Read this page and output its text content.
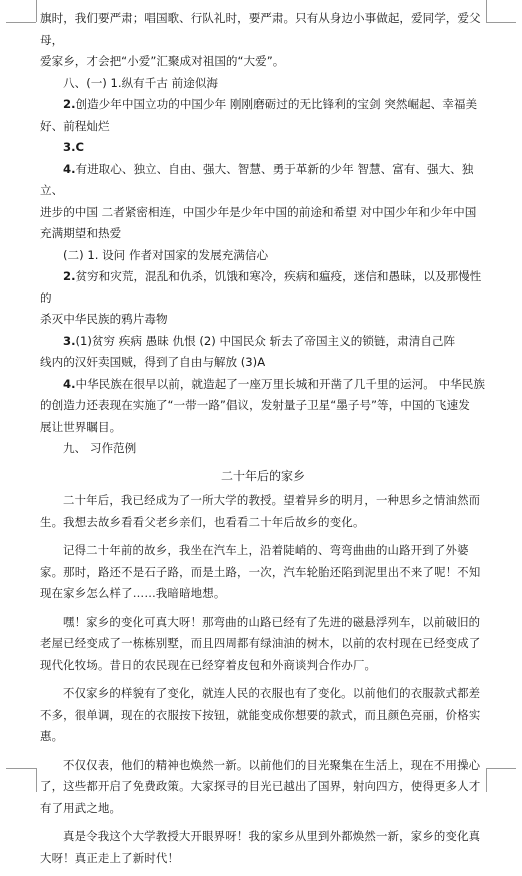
旗时，我们要严肃；唱国歌、行队礼时，要严肃。只有从身边小事做起，爱同学，爱父母，

爱家乡，才会把“小爱”汇聚成对祖国的“大爱”。

八、(一) 1.纵有千古 前途似海

2.创造少年中国立功的中国少年 刚刚磨砺过的无比锋利的宝剑 突然崛起、幸福美

好、前程灿烂

3.C

4.有进取心、独立、自由、强大、智慧、勇于革新的少年 智慧、富有、强大、独立、

进步的中国 二者紧密相连，中国少年是少年中国的前途和希望 对中国少年和少年中国

充满期望和热爱

(二) 1. 设问 作者对国家的发展充满信心

2.贫穷和灾荒，混乱和仇杀，饥饿和寒冷，疾病和瘟疫，迷信和愚昧，以及那慢性的

杀灭中华民族的鸦片毒物

3.(1)贫穷 疾病 愚昧 仇恨 (2) 中国民众 斩去了帝国主义的锁链，肃清自己阵

线内的汉奸卖国贼，得到了自由与解放 (3)A

4.中华民族在很早以前，就造起了一座万里长城和开凿了几千里的运河。 中华民族

的创造力还表现在实施了“一带一路”倡议，发射量子卫星“墨子号”等，中国的飞速发

展让世界瞩目。

九、 习作范例

二十年后的家乡

二十年后，我已经成为了一所大学的教授。望着异乡的明月，一种思乡之情油然而生。我想去故乡看看父老乡亲们，也看看二十年后故乡的变化。

记得二十年前的故乡，我坐在汽车上，沿着陡峭的、弯弯曲曲的山路开到了外婆家。那时，路还不是石子路，而是土路，一次，汽车轮胎还陷到泥里出不来了呢！不知现在家乡怎么样了……我暗暗地想。

嘿！家乡的变化可真大呀！那弯曲的山路已经有了先进的磁悬浮列车，以前破旧的老屋已经变成了一栋栋别墅，而且四周都有绿油油的树木，以前的农村现在已经变成了现代化牧场。昔日的农民现在已经穿着皮包和外商谈判合作办厂。

不仅家乡的样貌有了变化，就连人民的衣服也有了变化。以前他们的衣服款式都差不多，很单调，现在的衣服按下按钮，就能变成你想要的款式，而且颜色亮丽，价格实惠。

不仅仅表，他们的精神也焕然一新。以前他们的目光聚集在生活上，现在不用操心了，这些都开启了免费政策。大家探寻的目光已越出了国界，射向四方，使得更多人才有了用武之地。

真是令我这个大学教授大开眼界呀！我的家乡从里到外都焕然一新，家乡的变化真大呀！真正走上了新时代！
